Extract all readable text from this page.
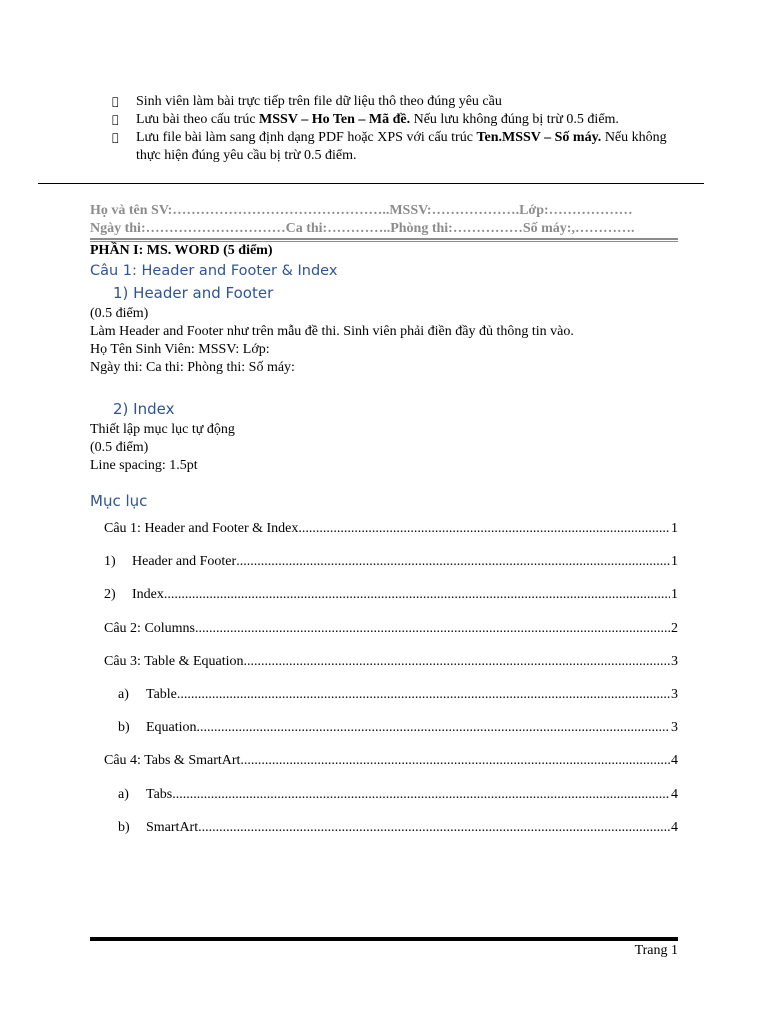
Sinh viên làm bài trực tiếp trên file dữ liệu thô theo đúng yêu cầu
Lưu bài theo cấu trúc MSSV – Ho Ten – Mã đề. Nếu lưu không đúng bị trừ 0.5 điểm.
Lưu file bài làm sang định dạng PDF hoặc XPS với cấu trúc Ten.MSSV – Số máy. Nếu không thực hiện đúng yêu cầu bị trừ 0.5 điểm.
Họ và tên SV:………………………………………..MSSV:……………….Lớp:………………
Ngày thi:…………………………Ca thi:…………..Phòng thi:……………Số máy:,………….
PHẦN I: MS. WORD (5 điểm)
Câu 1: Header and Footer & Index
1) Header and Footer
(0.5 điểm)
Làm Header and Footer như trên mẫu đề thi. Sinh viên phải điền đầy đủ thông tin vào.
Họ Tên Sinh Viên: MSSV: Lớp:
Ngày thi: Ca thi: Phòng thi: Số máy:
2) Index
Thiết lập mục lục tự động
(0.5 điểm)
Line spacing: 1.5pt
Mục lục
Câu 1: Header and Footer & Index .....	1
1)	Header and Footer .....	1
2)	Index .....	1
Câu 2: Columns .....	2
Câu 3: Table & Equation .....	3
a)	Table .....	3
b)	Equation .....	3
Câu 4: Tabs & SmartArt .....	4
a)	Tabs .....	4
b)	SmartArt .....	4
Trang 1
